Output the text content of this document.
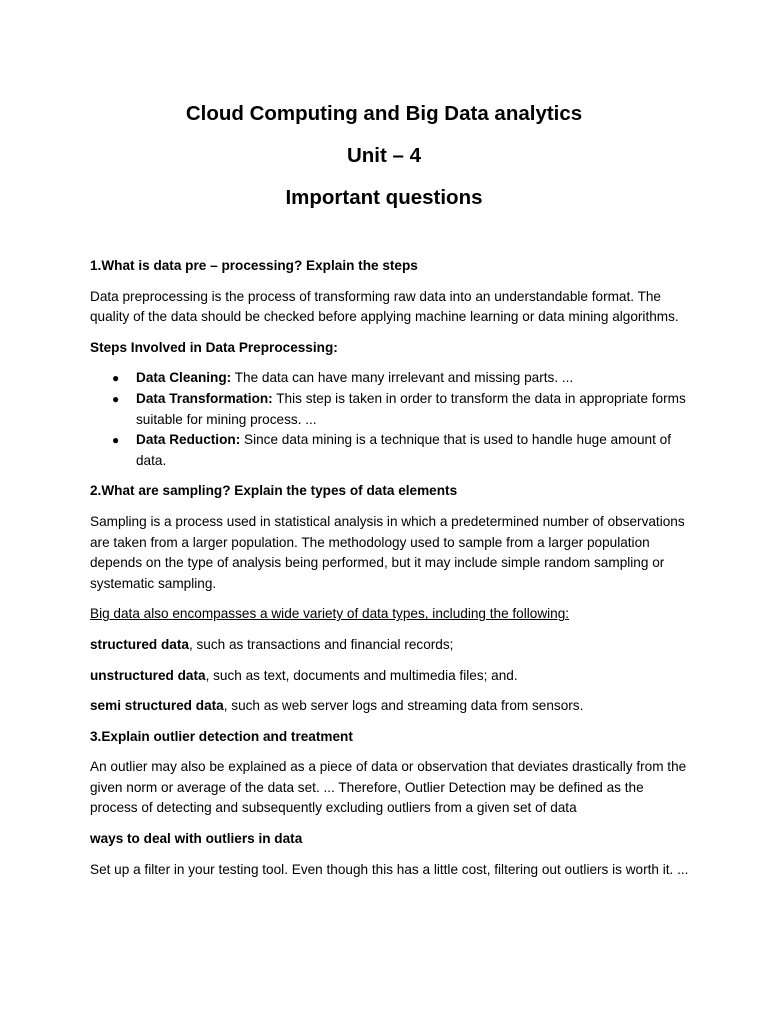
Cloud Computing and Big Data analytics

Unit – 4

Important questions

1.What is data pre – processing? Explain the steps

Data preprocessing is the process of transforming raw data into an understandable format. The quality of the data should be checked before applying machine learning or data mining algorithms.

Steps Involved in Data Preprocessing:

● Data Cleaning: The data can have many irrelevant and missing parts. ...
● Data Transformation: This step is taken in order to transform the data in appropriate forms suitable for mining process. ...
● Data Reduction: Since data mining is a technique that is used to handle huge amount of data.

2.What are sampling? Explain the types of data elements

Sampling is a process used in statistical analysis in which a predetermined number of observations are taken from a larger population. The methodology used to sample from a larger population depends on the type of analysis being performed, but it may include simple random sampling or systematic sampling.

Big data also encompasses a wide variety of data types, including the following:

structured data, such as transactions and financial records;

unstructured data, such as text, documents and multimedia files; and.

semi structured data, such as web server logs and streaming data from sensors.

3.Explain outlier detection and treatment

An outlier may also be explained as a piece of data or observation that deviates drastically from the given norm or average of the data set. ... Therefore, Outlier Detection may be defined as the process of detecting and subsequently excluding outliers from a given set of data

ways to deal with outliers in data

Set up a filter in your testing tool. Even though this has a little cost, filtering out outliers is worth it. ...
